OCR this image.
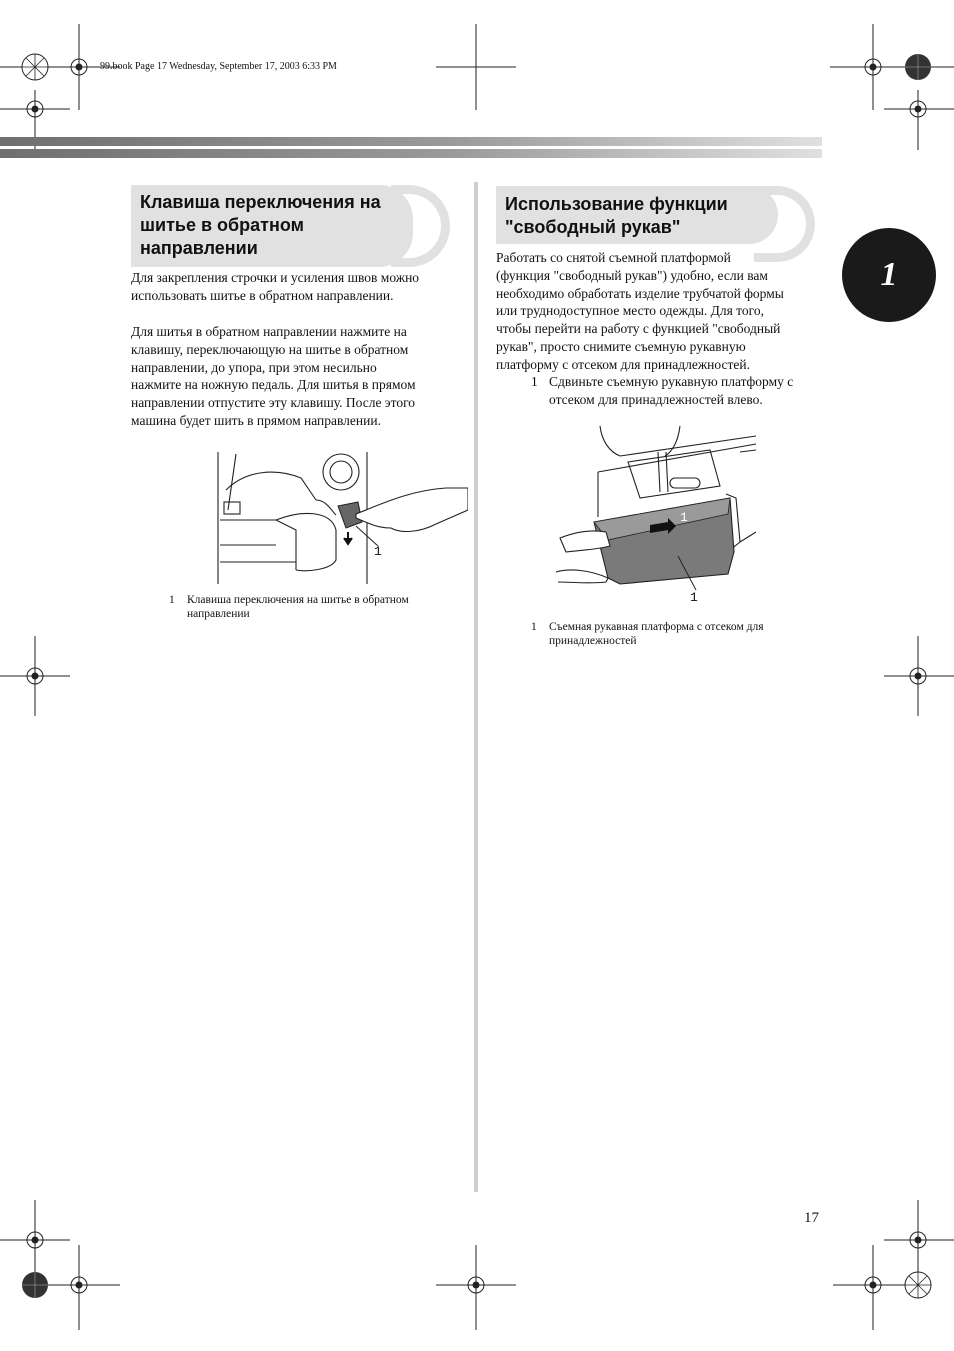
99.book Page 17 Wednesday, September 17, 2003 6:33 PM
1
Клавиша переключения на
шитье в обратном
направлении
Для закрепления строчки и усиления швов можно
использовать шитье в обратном направлении.
Для шитья в обратном направлении нажмите на
клавишу, переключающую на шитье в обратном
направлении, до упора, при этом несильно
нажмите на ножную педаль. Для шитья в прямом
направлении отпустите эту клавишу. После этого
машина будет шить в прямом направлении.
1
1 Клавиша переключения на шитье в обратном
направлении
Использование функции
"свободный рукав"
Работать со снятой съемной платформой
(функция "свободный рукав") удобно, если вам
необходимо обработать изделие трубчатой формы
или труднодоступное место одежды. Для того,
чтобы перейти на работу с функцией "свободный
рукав", просто снимите съемную рукавную
платформу с отсеком для принадлежностей.
1 Сдвиньте съемную рукавную платформу с
отсеком для принадлежностей влево.
1
1
1 Съемная рукавная платформа с отсеком для
принадлежностей
17
